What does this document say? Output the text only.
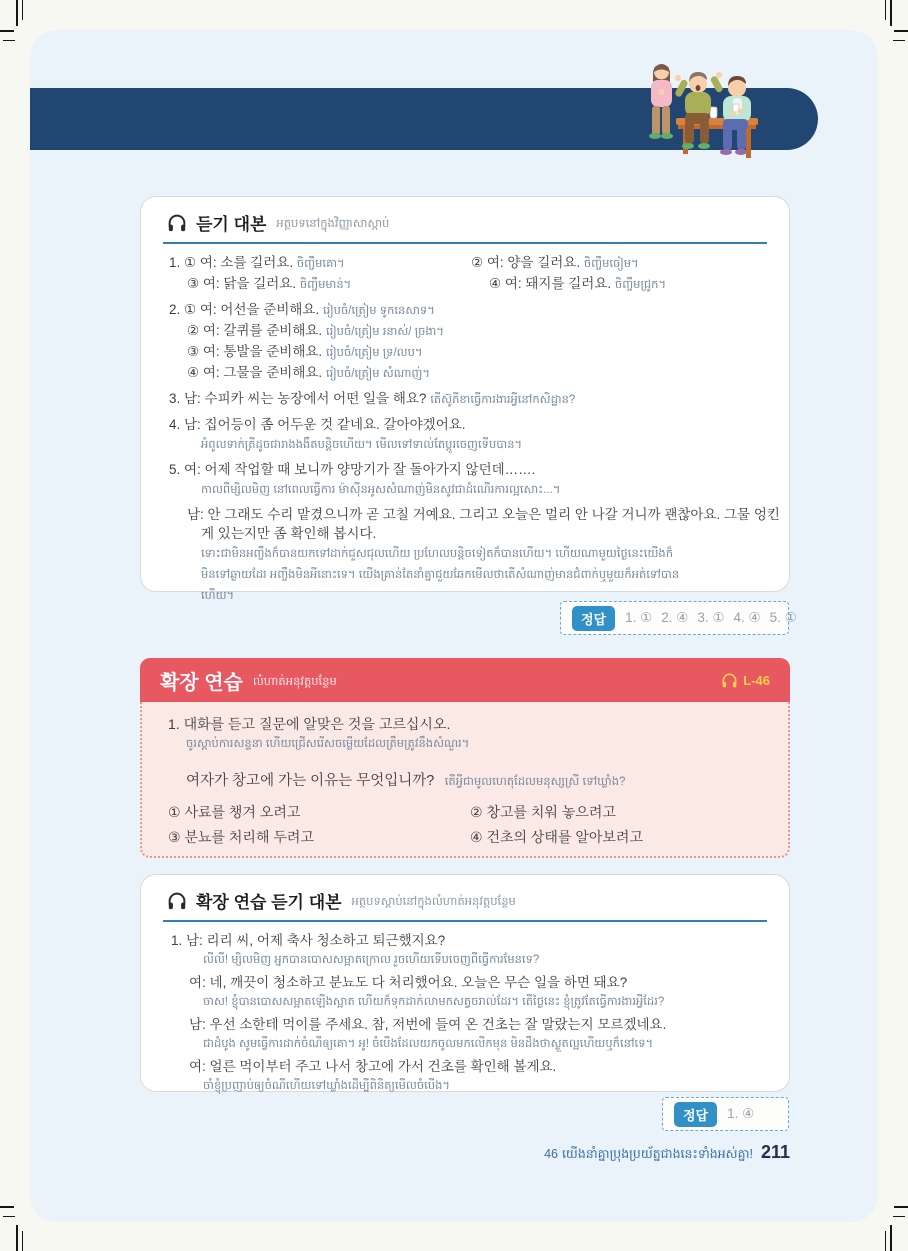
듣기 대본 អត្ថបទនៅក្នុងវិញ្ញាសាស្តាប់
1. ① 여: 소를 길러요. ចិញ្ចឹមគោ។	② 여: 양을 길러요. ចិញ្ចឹមចៀម។
③ 여: 닭을 길러요. ចិញ្ចឹមមាន់។	④ 여: 돼지를 길러요. ចិញ្ចឹមជ្រូក។
2. ① 여: 어선을 준비해요. រៀបចំ/ត្រៀម ទូកនេសាទ។
② 여: 갈퀴를 준비해요. រៀបចំ/ត្រៀម រនាស់/ ច្រងា។
③ 여: 통발을 준비해요. រៀបចំ/ត្រៀម ទ្រ/លប។
④ 여: 그물을 준비해요. រៀបចំ/ត្រៀម សំណាញ់។
3. 남: 수피카 씨는 농장에서 어떤 일을 해요? តើស៊ូភីខាធ្វើការងារអ្វីនៅកសិដ្ឋាន?
4. 남: 집어등이 좀 어두운 것 같네요. 갈아야겠어요.
អំពូលទាក់ត្រីដូចជារាងងងឹតបន្តិចហើយ។ មើលទៅទាល់តែប្ដូរចេញទើបបាន។
5. 여: 어제 작업할 때 보니까 양망기가 잘 돌아가지 않던데…….
កាលពីម្សិលមិញ នៅពេលធ្វើការ ម៉ាស៊ីនអូសសំណាញ់មិនសូវជាដំណើរការល្អសោះ...។
남: 안 그래도 수리 맡겼으니까 곧 고칠 거예요. 그리고 오늘은 멀리 안 나갈 거니까 괜찮아요. 그물 엉킨
게 있는지만 좀 확인해 봅시다.
ទោះជាមិនអញ្ចឹងក៏បានយកទៅដាក់ជួសជុលហើយ ប្រហែលបន្តិចទៀតក៏បានហើយ។ ហើយណាមួយថ្ងៃនេះយើងក៏
មិនទៅឆ្ងាយដែរ អញ្ចឹងមិនអីនោះទេ។ យើងគ្រាន់តែនាំគ្នាជួយឆែកមើលថាតើសំណាញ់មានជំពាក់ឬមួយក៏អត់ទៅបាន
ហើយ។
정답	1. ① 2. ④ 3. ① 4. ④ 5. ①
확장 연습 លំហាត់អនុវត្តបន្ថែម	L-46
1. 대화를 듣고 질문에 알맞은 것을 고르십시오.
ចូរស្តាប់ការសន្ទនា ហើយជ្រើសរើសចម្លើយដែលត្រឹមត្រូវនឹងសំណួរ។
여자가 창고에 가는 이유는 무엇입니까? តើអ្វីជាមូលហេតុដែលមនុស្សស្រី ទៅឃ្លាំង?
① 사료를 챙겨 오려고	② 창고를 치워 놓으려고
③ 분뇨를 처리해 두려고	④ 건초의 상태를 알아보려고
확장 연습 듣기 대본 អត្ថបទស្តាប់នៅក្នុងលំហាត់អនុវត្តបន្ថែម
1. 남: 리리 씨, 어제 축사 청소하고 퇴근했지요?
លីលី! ម្សិលមិញ អ្នកបានបោសសម្អាតក្រោល រួចហើយទើបចេញពីធ្វើការមែនទេ?
여: 네, 깨끗이 청소하고 분뇨도 다 처리했어요. 오늘은 무슨 일을 하면 돼요?
ចាស! ខ្ញុំបានបោសសម្អាតឡើងស្អាត ហើយក៏ទុកដាក់លាមកសត្វចរាល់ដែរ។ តើថ្ងៃនេះ ខ្ញុំត្រូវតែធ្វើការងារអ្វីដែរ?
남: 우선 소한테 먹이를 주세요. 참, 저번에 들여 온 건초는 잘 말랐는지 모르겠네요.
ជាដំបូង សូមធ្វើការដាក់ចំណីឲ្យគោ។ អូ! ចំបើងដែលយកចូលមកលើកមុន មិនដឹងថាស្ងួតល្អហើយឬក៏នៅទេ។
여: 얼른 먹이부터 주고 나서 창고에 가서 건초를 확인해 볼게요.
ចាំខ្ញុំប្រញាប់ឲ្យចំណីហើយទៅឃ្លាំងដើម្បីពិនិត្យមើលចំបើង។
정답	1. ④
46 យើងនាំគ្នាប្រុងប្រយ័ត្នជាងនេះទាំងអស់គ្នា! 211
